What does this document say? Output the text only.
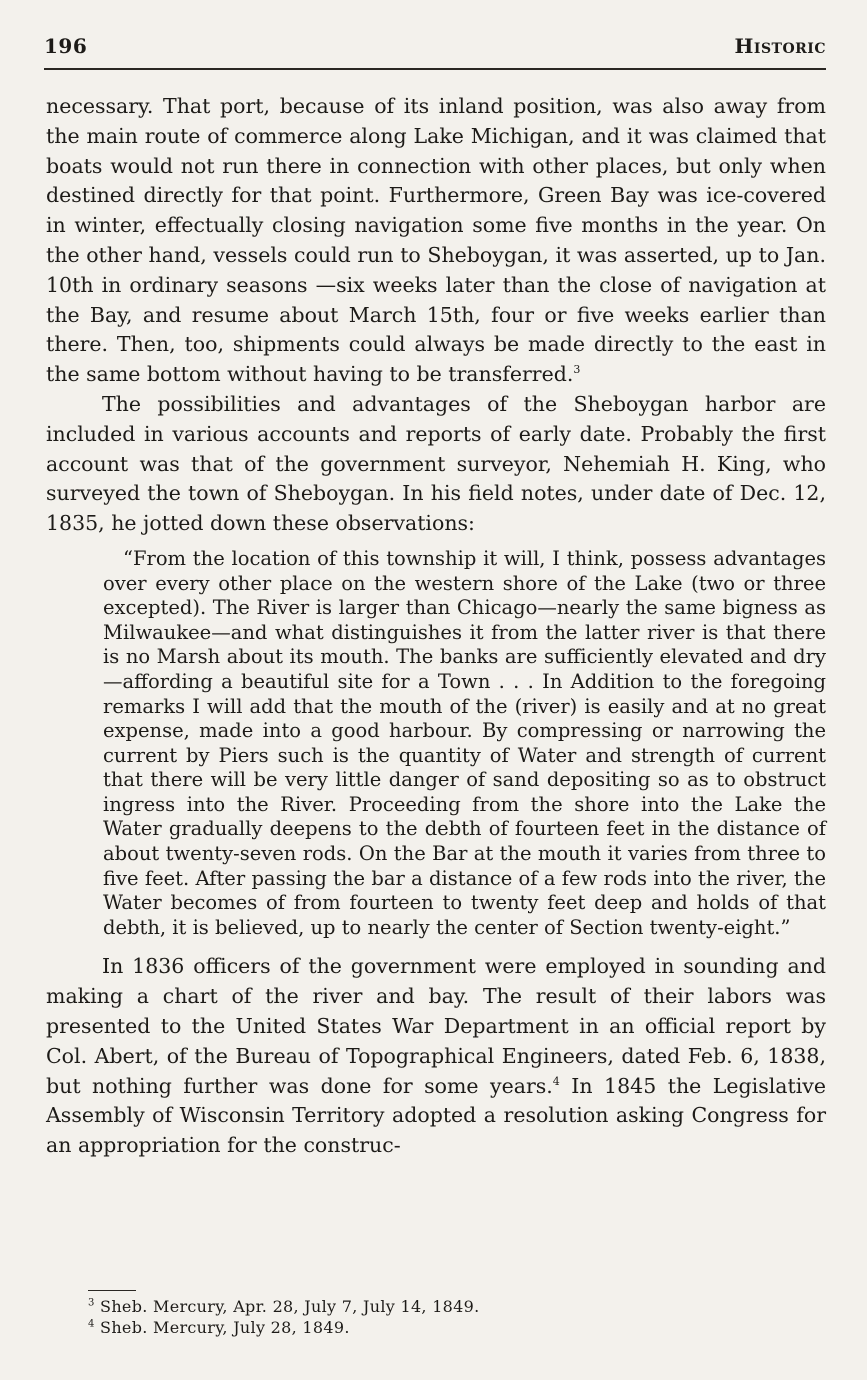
196	Historic

necessary. That port, because of its inland position, was also away from the main route of commerce along Lake Michigan, and it was claimed that boats would not run there in connection with other places, but only when destined directly for that point. Furthermore, Green Bay was ice-covered in winter, effectually closing navigation some five months in the year. On the other hand, vessels could run to Sheboygan, it was asserted, up to Jan. 10th in ordinary seasons —six weeks later than the close of navigation at the Bay, and resume about March 15th, four or five weeks earlier than there. Then, too, shipments could always be made directly to the east in the same bottom without having to be transferred.$^3$

The possibilities and advantages of the Sheboygan harbor are included in various accounts and reports of early date. Probably the first account was that of the government surveyor, Nehemiah H. King, who surveyed the town of Sheboygan. In his field notes, under date of Dec. 12, 1835, he jotted down these observations:

“From the location of this township it will, I think, possess advantages over every other place on the western shore of the Lake (two or three excepted). The River is larger than Chicago—nearly the same bigness as Milwaukee—and what distinguishes it from the latter river is that there is no Marsh about its mouth. The banks are sufficiently elevated and dry—affording a beautiful site for a Town . . . In Addition to the foregoing remarks I will add that the mouth of the (river) is easily and at no great expense, made into a good harbour. By compressing or narrowing the current by Piers such is the quantity of Water and strength of current that there will be very little danger of sand depositing so as to obstruct ingress into the River. Proceeding from the shore into the Lake the Water gradually deepens to the debth of fourteen feet in the distance of about twenty-seven rods. On the Bar at the mouth it varies from three to five feet. After passing the bar a distance of a few rods into the river, the Water becomes of from fourteen to twenty feet deep and holds of that debth, it is believed, up to nearly the center of Section twenty-eight.”

In 1836 officers of the government were employed in sounding and making a chart of the river and bay. The result of their labors was presented to the United States War Department in an official report by Col. Abert, of the Bureau of Topographical Engineers, dated Feb. 6, 1838, but nothing further was done for some years.$^4$ In 1845 the Legislative Assembly of Wisconsin Territory adopted a resolution asking Congress for an appropriation for the construc-

$^3$ Sheb. Mercury, Apr. 28, July 7, July 14, 1849.
$^4$ Sheb. Mercury, July 28, 1849.
